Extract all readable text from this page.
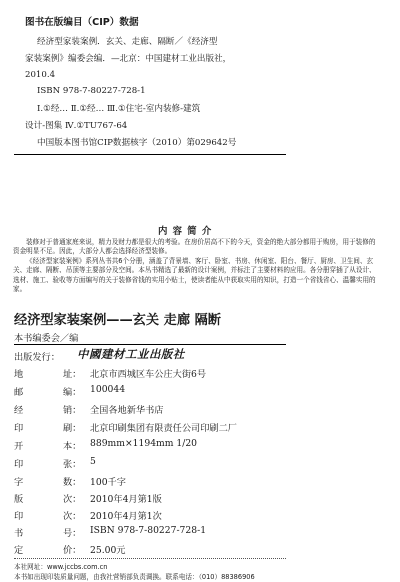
图书在版编目（CIP）数据
经济型家装案例．玄关、走廊、隔断／《经济型
家装案例》编委会编．—北京：中国建材工业出版社，
2010.4
ISBN 978-7-80227-728-1
Ⅰ.①经… Ⅱ.①经… Ⅲ.①住宅-室内装修-建筑
设计-图集 Ⅳ.①TU767-64
中国版本图书馆CIP数据核字（2010）第029642号
内 容 简 介
装修对于普通家庭来说，精力及财力都是很大的考验。在房价居高不下的今天，资金的绝大部分都用于购房，用于装修的资金明显不足。因此，大部分人都会选择经济型装修。
《经济型家装案例》系列丛书共6个分册，涵盖了背景墙、客厅、卧室、书房、休闲室、阳台、餐厅、厨房、卫生间、玄关、走廊、隔断、吊顶等主要部分及空间。本丛书精选了最新的设计案例，并标注了主要材料的应用。各分册穿插了从设计、选材、施工、验收等方面编写的关于装修省钱的实用小贴士，使读者能从中获取实用的知识，打造一个省钱省心、温馨实用的家。
经济型家装案例——玄关 走廊 隔断
本书编委会／编
出版发行： 中國建材工业出版社
地	址： 北京市西城区车公庄大街6号
邮	编： 100044
经	销： 全国各地新华书店
印	刷： 北京印刷集团有限责任公司印刷二厂
开	本： 889mm×1194mm 1/20
印	张： 5
字	数： 100千字
版	次： 2010年4月第1版
印	次： 2010年4月第1次
书	号： ISBN 978-7-80227-728-1
定	价： 25.00元
本社网址：www.jccbs.com.cn
本书如出现印装质量问题，由我社营销部负责调换。联系电话：（010）88386906
